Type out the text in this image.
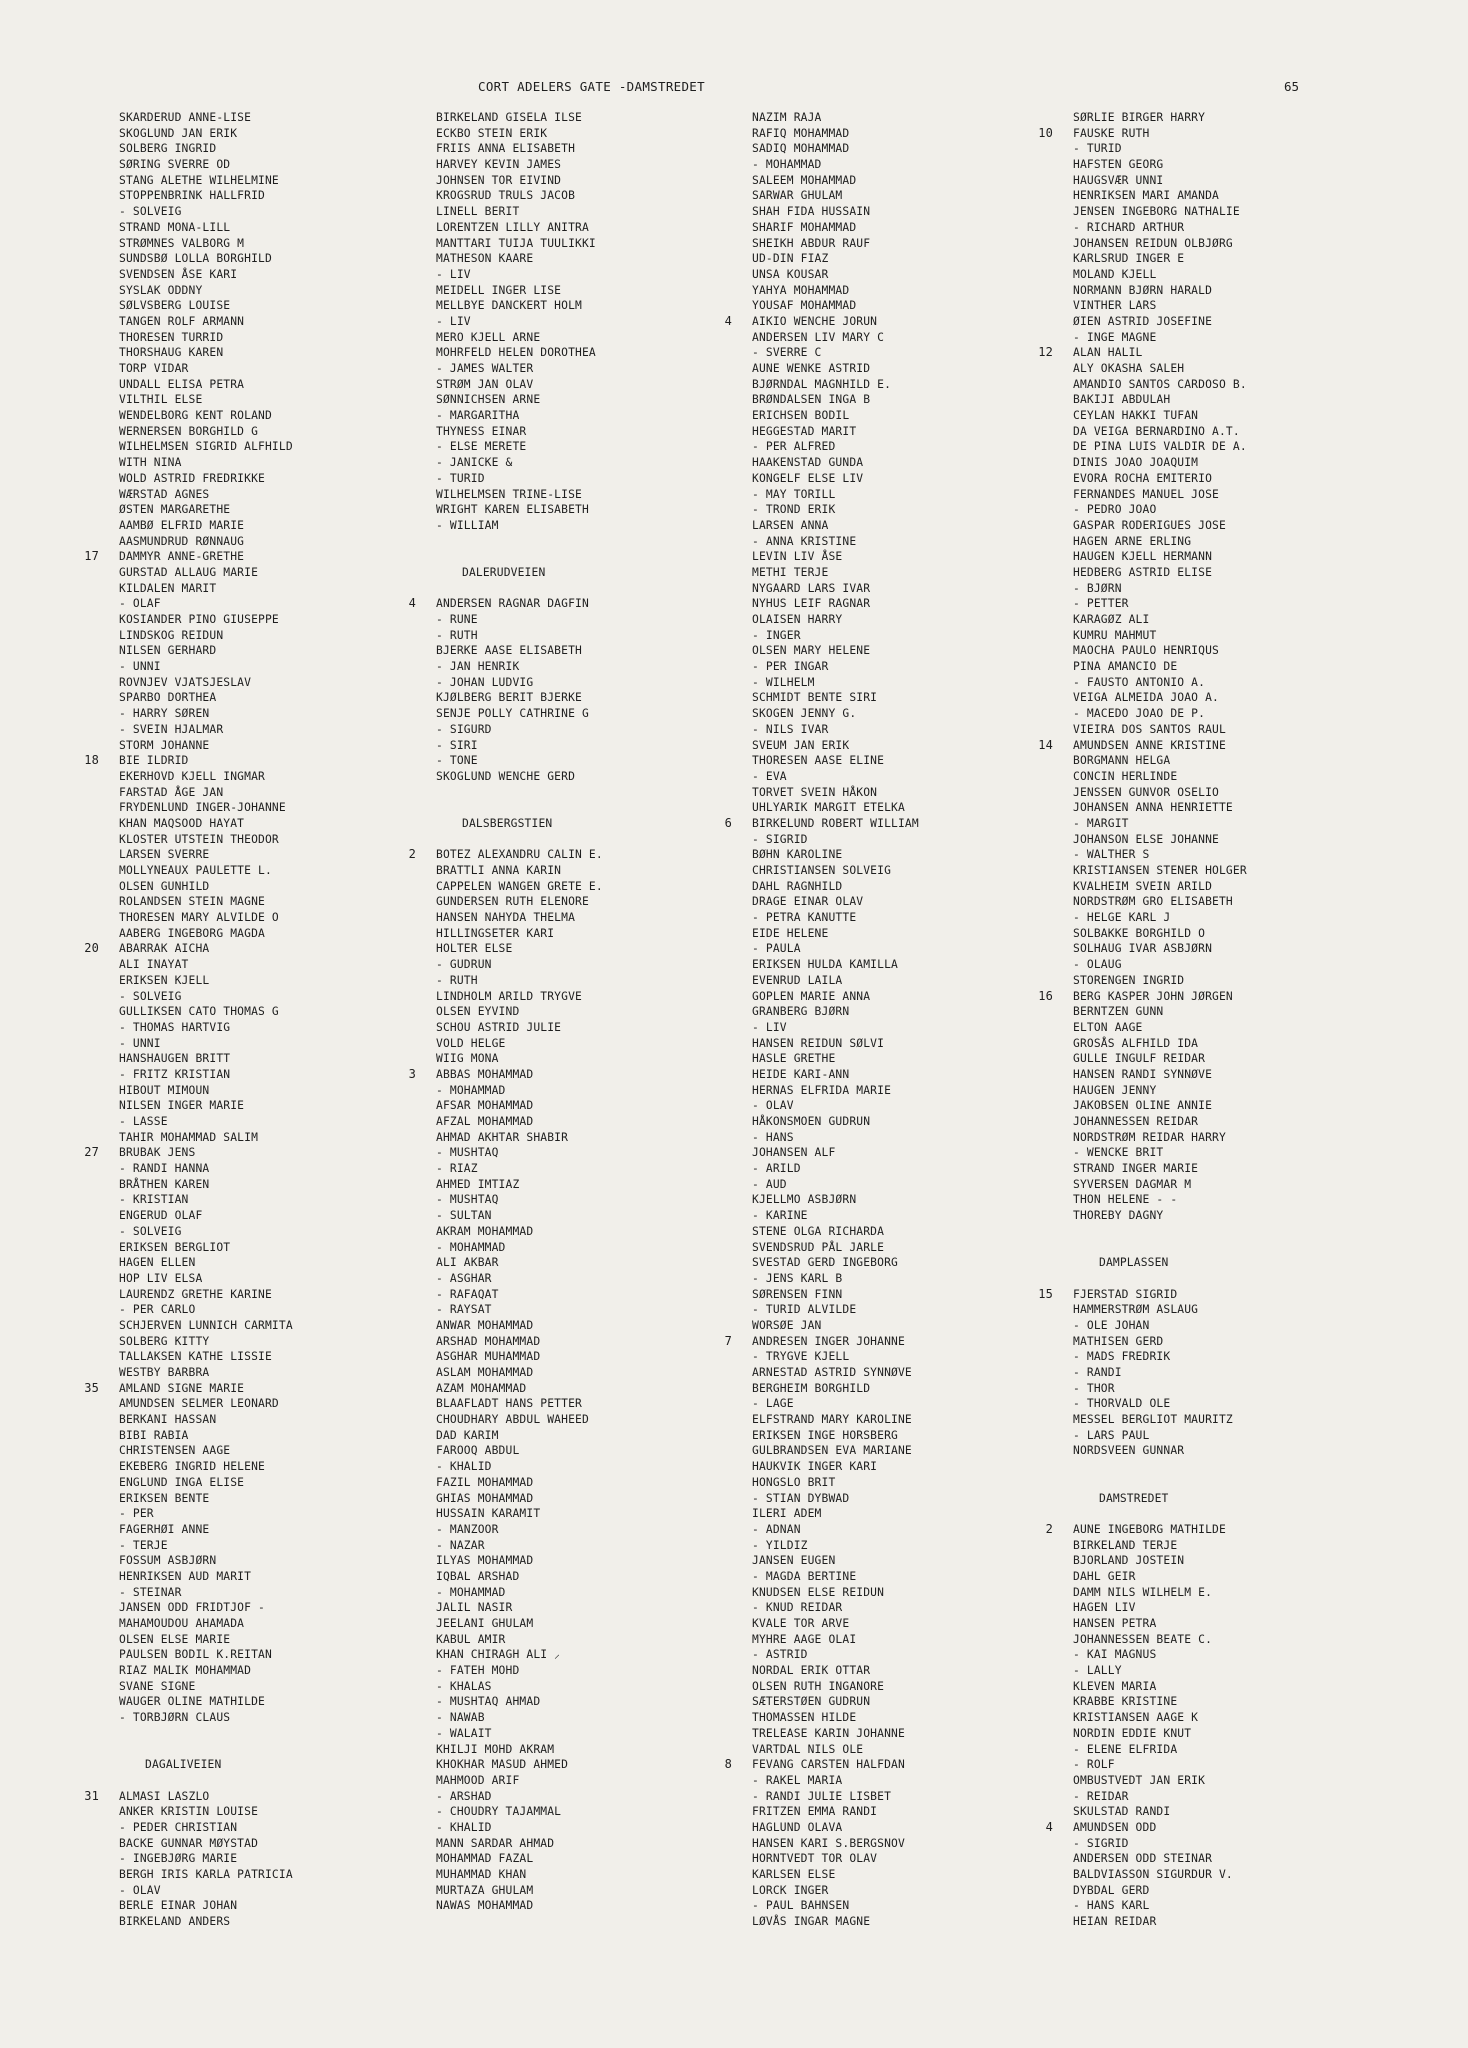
CORT ADELERS GATE -DAMSTREDET	65
SKARDERUD ANNE-LISE
SKOGLUND JAN ERIK
SOLBERG INGRID
SØRING SVERRE OD
STANG ALETHE WILHELMINE
STOPPENBRINK HALLFRID
- SOLVEIG
STRAND MONA-LILL
STRØMNES VALBORG M
SUNDSBØ LOLLA BORGHILD
SVENDSEN ÅSE KARI
SYSLAK ODDNY
SØLVSBERG LOUISE
TANGEN ROLF ARMANN
THORESEN TURRID
THORSHAUG KAREN
TORP VIDAR
UNDALL ELISA PETRA
VILTHIL ELSE
WENDELBORG KENT ROLAND
WERNERSEN BORGHILD G
WILHELMSEN SIGRID ALFHILD
WITH NINA
WOLD ASTRID FREDRIKKE
WÆRSTAD AGNES
ØSTEN MARGARETHE
AAMBØ ELFRID MARIE
AASMUNDRUD RØNNAUG
17 DAMMYR ANNE-GRETHE
GURSTAD ALLAUG MARIE
KILDALEN MARIT
- OLAF
KOSIANDER PINO GIUSEPPE
LINDSKOG REIDUN
NILSEN GERHARD
- UNNI
ROVNJEV VJATSJESLAV
SPARBO DORTHEA
- HARRY SØREN
- SVEIN HJALMAR
STORM JOHANNE
18 BIE ILDRID
EKERHOVD KJELL INGMAR
FARSTAD ÅGE JAN
FRYDENLUND INGER-JOHANNE
KHAN MAQSOOD HAYAT
KLOSTER UTSTEIN THEODOR
LARSEN SVERRE
MOLLYNEAUX PAULETTE L.
OLSEN GUNHILD
ROLANDSEN STEIN MAGNE
THORESEN MARY ALVILDE O
AABERG INGEBORG MAGDA
20 ABARRAK AICHA
ALI INAYAT
ERIKSEN KJELL
- SOLVEIG
GULLIKSEN CATO THOMAS G
- THOMAS HARTVIG
- UNNI
HANSHAUGEN BRITT
- FRITZ KRISTIAN
HIBOUT MIMOUN
NILSEN INGER MARIE
- LASSE
TAHIR MOHAMMAD SALIM
27 BRUBAK JENS
- RANDI HANNA
BRÅTHEN KAREN
- KRISTIAN
ENGERUD OLAF
- SOLVEIG
ERIKSEN BERGLIOT
HAGEN ELLEN
HOP LIV ELSA
LAURENDZ GRETHE KARINE
- PER CARLO
SCHJERVEN LUNNICH CARMITA
SOLBERG KITTY
TALLAKSEN KATHE LISSIE
WESTBY BARBRA
35 AMLAND SIGNE MARIE
AMUNDSEN SELMER LEONARD
BERKANI HASSAN
BIBI RABIA
CHRISTENSEN AAGE
EKEBERG INGRID HELENE
ENGLUND INGA ELISE
ERIKSEN BENTE
- PER
FAGERHØI ANNE
- TERJE
FOSSUM ASBJØRN
HENRIKSEN AUD MARIT
- STEINAR
JANSEN ODD FRIDTJOF -
MAHAMOUDOU AHAMADA
OLSEN ELSE MARIE
PAULSEN BODIL K.REITAN
RIAZ MALIK MOHAMMAD
SVANE SIGNE
WAUGER OLINE MATHILDE
- TORBJØRN CLAUS
DAGALIVEIEN
31 ALMASI LASZLO
ANKER KRISTIN LOUISE
- PEDER CHRISTIAN
BACKE GUNNAR MØYSTAD
- INGEBJØRG MARIE
BERGH IRIS KARLA PATRICIA
- OLAV
BERLE EINAR JOHAN
BIRKELAND ANDERS
BIRKELAND GISELA ILSE
ECKBO STEIN ERIK
FRIIS ANNA ELISABETH
HARVEY KEVIN JAMES
JOHNSEN TOR EIVIND
KROGSRUD TRULS JACOB
LINELL BERIT
LORENTZEN LILLY ANITRA
MANTTARI TUIJA TUULIKKI
MATHESON KAARE
- LIV
MEIDELL INGER LISE
MELLBYE DANCKERT HOLM
- LIV
MERO KJELL ARNE
MOHRFELD HELEN DOROTHEA
- JAMES WALTER
STRØM JAN OLAV
SØNNICHSEN ARNE
- MARGARITHA
THYNESS EINAR
- ELSE MERETE
- JANICKE &
- TURID
WILHELMSEN TRINE-LISE
WRIGHT KAREN ELISABETH
- WILLIAM
DALERUDVEIEN
4 ANDERSEN RAGNAR DAGFIN
- RUNE
- RUTH
BJERKE AASE ELISABETH
- JAN HENRIK
- JOHAN LUDVIG
KJØLBERG BERIT BJERKE
SENJE POLLY CATHRINE G
- SIGURD
- SIRI
- TONE
SKOGLUND WENCHE GERD
DALSBERGSTIEN
2 BOTEZ ALEXANDRU CALIN E.
BRATTLI ANNA KARIN
CAPPELEN WANGEN GRETE E.
GUNDERSEN RUTH ELENORE
HANSEN NAHYDA THELMA
HILLINGSETER KARI
HOLTER ELSE
- GUDRUN
- RUTH
LINDHOLM ARILD TRYGVE
OLSEN EYVIND
SCHOU ASTRID JULIE
VOLD HELGE
WIIG MONA
3 ABBAS MOHAMMAD
- MOHAMMAD
AFSAR MOHAMMAD
AFZAL MOHAMMAD
AHMAD AKHTAR SHABIR
- MUSHTAQ
- RIAZ
AHMED IMTIAZ
- MUSHTAQ
- SULTAN
AKRAM MOHAMMAD
- MOHAMMAD
ALI AKBAR
- ASGHAR
- RAFAQAT
- RAYSAT
ANWAR MOHAMMAD
ARSHAD MOHAMMAD
ASGHAR MUHAMMAD
ASLAM MOHAMMAD
AZAM MOHAMMAD
BLAAFLADT HANS PETTER
CHOUDHARY ABDUL WAHEED
DAD KARIM
FAROOQ ABDUL
- KHALID
FAZIL MOHAMMAD
GHIAS MOHAMMAD
HUSSAIN KARAMIT
- MANZOOR
- NAZAR
ILYAS MOHAMMAD
IQBAL ARSHAD
- MOHAMMAD
JALIL NASIR
JEELANI GHULAM
KABUL AMIR
KHAN CHIRAGH ALI ⸝
- FATEH MOHD
- KHALAS
- MUSHTAQ AHMAD
- NAWAB
- WALAIT
KHILJI MOHD AKRAM
KHOKHAR MASUD AHMED
MAHMOOD ARIF
- ARSHAD
- CHOUDRY TAJAMMAL
- KHALID
MANN SARDAR AHMAD
MOHAMMAD FAZAL
MUHAMMAD KHAN
MURTAZA GHULAM
NAWAS MOHAMMAD
NAZIM RAJA
RAFIQ MOHAMMAD
SADIQ MOHAMMAD
- MOHAMMAD
SALEEM MOHAMMAD
SARWAR GHULAM
SHAH FIDA HUSSAIN
SHARIF MOHAMMAD
SHEIKH ABDUR RAUF
UD-DIN FIAZ
UNSA KOUSAR
YAHYA MOHAMMAD
YOUSAF MOHAMMAD
4 AIKIO WENCHE JORUN
ANDERSEN LIV MARY C
- SVERRE C
AUNE WENKE ASTRID
BJØRNDAL MAGNHILD E.
BRØNDALSEN INGA B
ERICHSEN BODIL
HEGGESTAD MARIT
- PER ALFRED
HAAKENSTAD GUNDA
KONGELF ELSE LIV
- MAY TORILL
- TROND ERIK
LARSEN ANNA
- ANNA KRISTINE
LEVIN LIV ÅSE
METHI TERJE
NYGAARD LARS IVAR
NYHUS LEIF RAGNAR
OLAISEN HARRY
- INGER
OLSEN MARY HELENE
- PER INGAR
- WILHELM
SCHMIDT BENTE SIRI
SKOGEN JENNY G.
- NILS IVAR
SVEUM JAN ERIK
THORESEN AASE ELINE
- EVA
TORVET SVEIN HÅKON
UHLYARIK MARGIT ETELKA
6 BIRKELUND ROBERT WILLIAM
- SIGRID
BØHN KAROLINE
CHRISTIANSEN SOLVEIG
DAHL RAGNHILD
DRAGE EINAR OLAV
- PETRA KANUTTE
EIDE HELENE
- PAULA
ERIKSEN HULDA KAMILLA
EVENRUD LAILA
GOPLEN MARIE ANNA
GRANBERG BJØRN
- LIV
HANSEN REIDUN SØLVI
HASLE GRETHE
HEIDE KARI-ANN
HERNAS ELFRIDA MARIE
- OLAV
HÅKONSMOEN GUDRUN
- HANS
JOHANSEN ALF
- ARILD
- AUD
KJELLMO ASBJØRN
- KARINE
STENE OLGA RICHARDA
SVENDSRUD PÅL JARLE
SVESTAD GERD INGEBORG
- JENS KARL B
SØRENSEN FINN
- TURID ALVILDE
WORSØE JAN
7 ANDRESEN INGER JOHANNE
- TRYGVE KJELL
ARNESTAD ASTRID SYNNØVE
BERGHEIM BORGHILD
- LAGE
ELFSTRAND MARY KAROLINE
ERIKSEN INGE HORSBERG
GULBRANDSEN EVA MARIANE
HAUKVIK INGER KARI
HONGSLO BRIT
- STIAN DYBWAD
ILERI ADEM
- ADNAN
- YILDIZ
JANSEN EUGEN
- MAGDA BERTINE
KNUDSEN ELSE REIDUN
- KNUD REIDAR
KVALE TOR ARVE
MYHRE AAGE OLAI
- ASTRID
NORDAL ERIK OTTAR
OLSEN RUTH INGANORE
SÆTERSTØEN GUDRUN
THOMASSEN HILDE
TRELEASE KARIN JOHANNE
VARTDAL NILS OLE
8 FEVANG CARSTEN HALFDAN
- RAKEL MARIA
- RANDI JULIE LISBET
FRITZEN EMMA RANDI
HAGLUND OLAVA
HANSEN KARI S.BERGSNOV
HORNTVEDT TOR OLAV
KARLSEN ELSE
LORCK INGER
- PAUL BAHNSEN
LØVÅS INGAR MAGNE
SØRLIE BIRGER HARRY
10 FAUSKE RUTH
- TURID
HAFSTEN GEORG
HAUGSVÆR UNNI
HENRIKSEN MARI AMANDA
JENSEN INGEBORG NATHALIE
- RICHARD ARTHUR
JOHANSEN REIDUN OLBJØRG
KARLSRUD INGER E
MOLAND KJELL
NORMANN BJØRN HARALD
VINTHER LARS
ØIEN ASTRID JOSEFINE
- INGE MAGNE
12 ALAN HALIL
ALY OKASHA SALEH
AMANDIO SANTOS CARDOSO B.
BAKIJI ABDULAH
CEYLAN HAKKI TUFAN
DA VEIGA BERNARDINO A.T.
DE PINA LUIS VALDIR DE A.
DINIS JOAO JOAQUIM
EVORA ROCHA EMITERIO
FERNANDES MANUEL JOSE
- PEDRO JOAO
GASPAR RODERIGUES JOSE
HAGEN ARNE ERLING
HAUGEN KJELL HERMANN
HEDBERG ASTRID ELISE
- BJØRN
- PETTER
KARAGØZ ALI
KUMRU MAHMUT
MAOCHA PAULO HENRIQUS
PINA AMANCIO DE
- FAUSTO ANTONIO A.
VEIGA ALMEIDA JOAO A.
- MACEDO JOAO DE P.
VIEIRA DOS SANTOS RAUL
14 AMUNDSEN ANNE KRISTINE
BORGMANN HELGA
CONCIN HERLINDE
JENSSEN GUNVOR OSELIO
JOHANSEN ANNA HENRIETTE
- MARGIT
JOHANSON ELSE JOHANNE
- WALTHER S
KRISTIANSEN STENER HOLGER
KVALHEIM SVEIN ARILD
NORDSTRØM GRO ELISABETH
- HELGE KARL J
SOLBAKKE BORGHILD O
SOLHAUG IVAR ASBJØRN
- OLAUG
STORENGEN INGRID
16 BERG KASPER JOHN JØRGEN
BERNTZEN GUNN
ELTON AAGE
GROSÅS ALFHILD IDA
GULLE INGULF REIDAR
HANSEN RANDI SYNNØVE
HAUGEN JENNY
JAKOBSEN OLINE ANNIE
JOHANNESSEN REIDAR
NORDSTRØM REIDAR HARRY
- WENCKE BRIT
STRAND INGER MARIE
SYVERSEN DAGMAR M
THON HELENE - -
THOREBY DAGNY
DAMPLASSEN
15 FJERSTAD SIGRID
HAMMERSTRØM ASLAUG
- OLE JOHAN
MATHISEN GERD
- MADS FREDRIK
- RANDI
- THOR
- THORVALD OLE
MESSEL BERGLIOT MAURITZ
- LARS PAUL
NORDSVEEN GUNNAR
DAMSTREDET
2 AUNE INGEBORG MATHILDE
BIRKELAND TERJE
BJORLAND JOSTEIN
DAHL GEIR
DAMM NILS WILHELM E.
HAGEN LIV
HANSEN PETRA
JOHANNESSEN BEATE C.
- KAI MAGNUS
- LALLY
KLEVEN MARIA
KRABBE KRISTINE
KRISTIANSEN AAGE K
NORDIN EDDIE KNUT
- ELENE ELFRIDA
- ROLF
OMBUSTVEDT JAN ERIK
- REIDAR
SKULSTAD RANDI
4 AMUNDSEN ODD
- SIGRID
ANDERSEN ODD STEINAR
BALDVIASSON SIGURDUR V.
DYBDAL GERD
- HANS KARL
HEIAN REIDAR
